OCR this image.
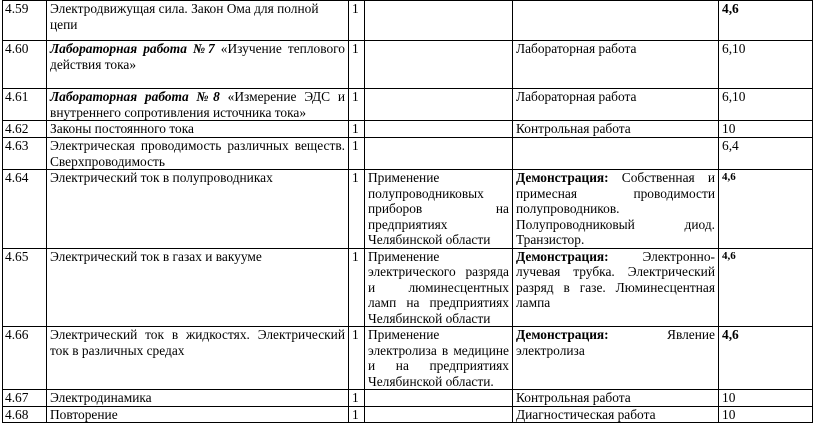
4.59	Электродвижущая сила. Закон Ома для полной цепи	1			4,6
4.60	Лабораторная работа №7 «Изучение теплового действия тока»	1		Лабораторная работа	6,10
4.61	Лабораторная работа №8 «Измерение ЭДС и внутреннего сопротивления источника тока»	1		Лабораторная работа	6,10
4.62	Законы постоянного тока	1		Контрольная работа	10
4.63	Электрическая проводимость различных веществ. Сверхпроводимость	1			6,4
4.64	Электрический ток в полупроводниках	1	Применение полупроводниковых приборов на предприятиях Челябинской области	Демонстрация: Собственная и примесная проводимости полупроводников. Полупроводниковый диод. Транзистор.	4,6
4.65	Электрический ток в газах и вакууме	1	Применение электрического разряда и люминесцентных ламп на предприятиях Челябинской области	Демонстрация: Электронно-лучевая трубка. Электрический разряд в газе. Люминесцентная лампа	4,6
4.66	Электрический ток в жидкостях. Электрический ток в различных средах	1	Применение электролиза в медицине и на предприятиях Челябинской области.	Демонстрация: Явление электролиза	4,6
4.67	Электродинамика	1		Контрольная работа	10
4.68	Повторение	1		Диагностическая работа	10
